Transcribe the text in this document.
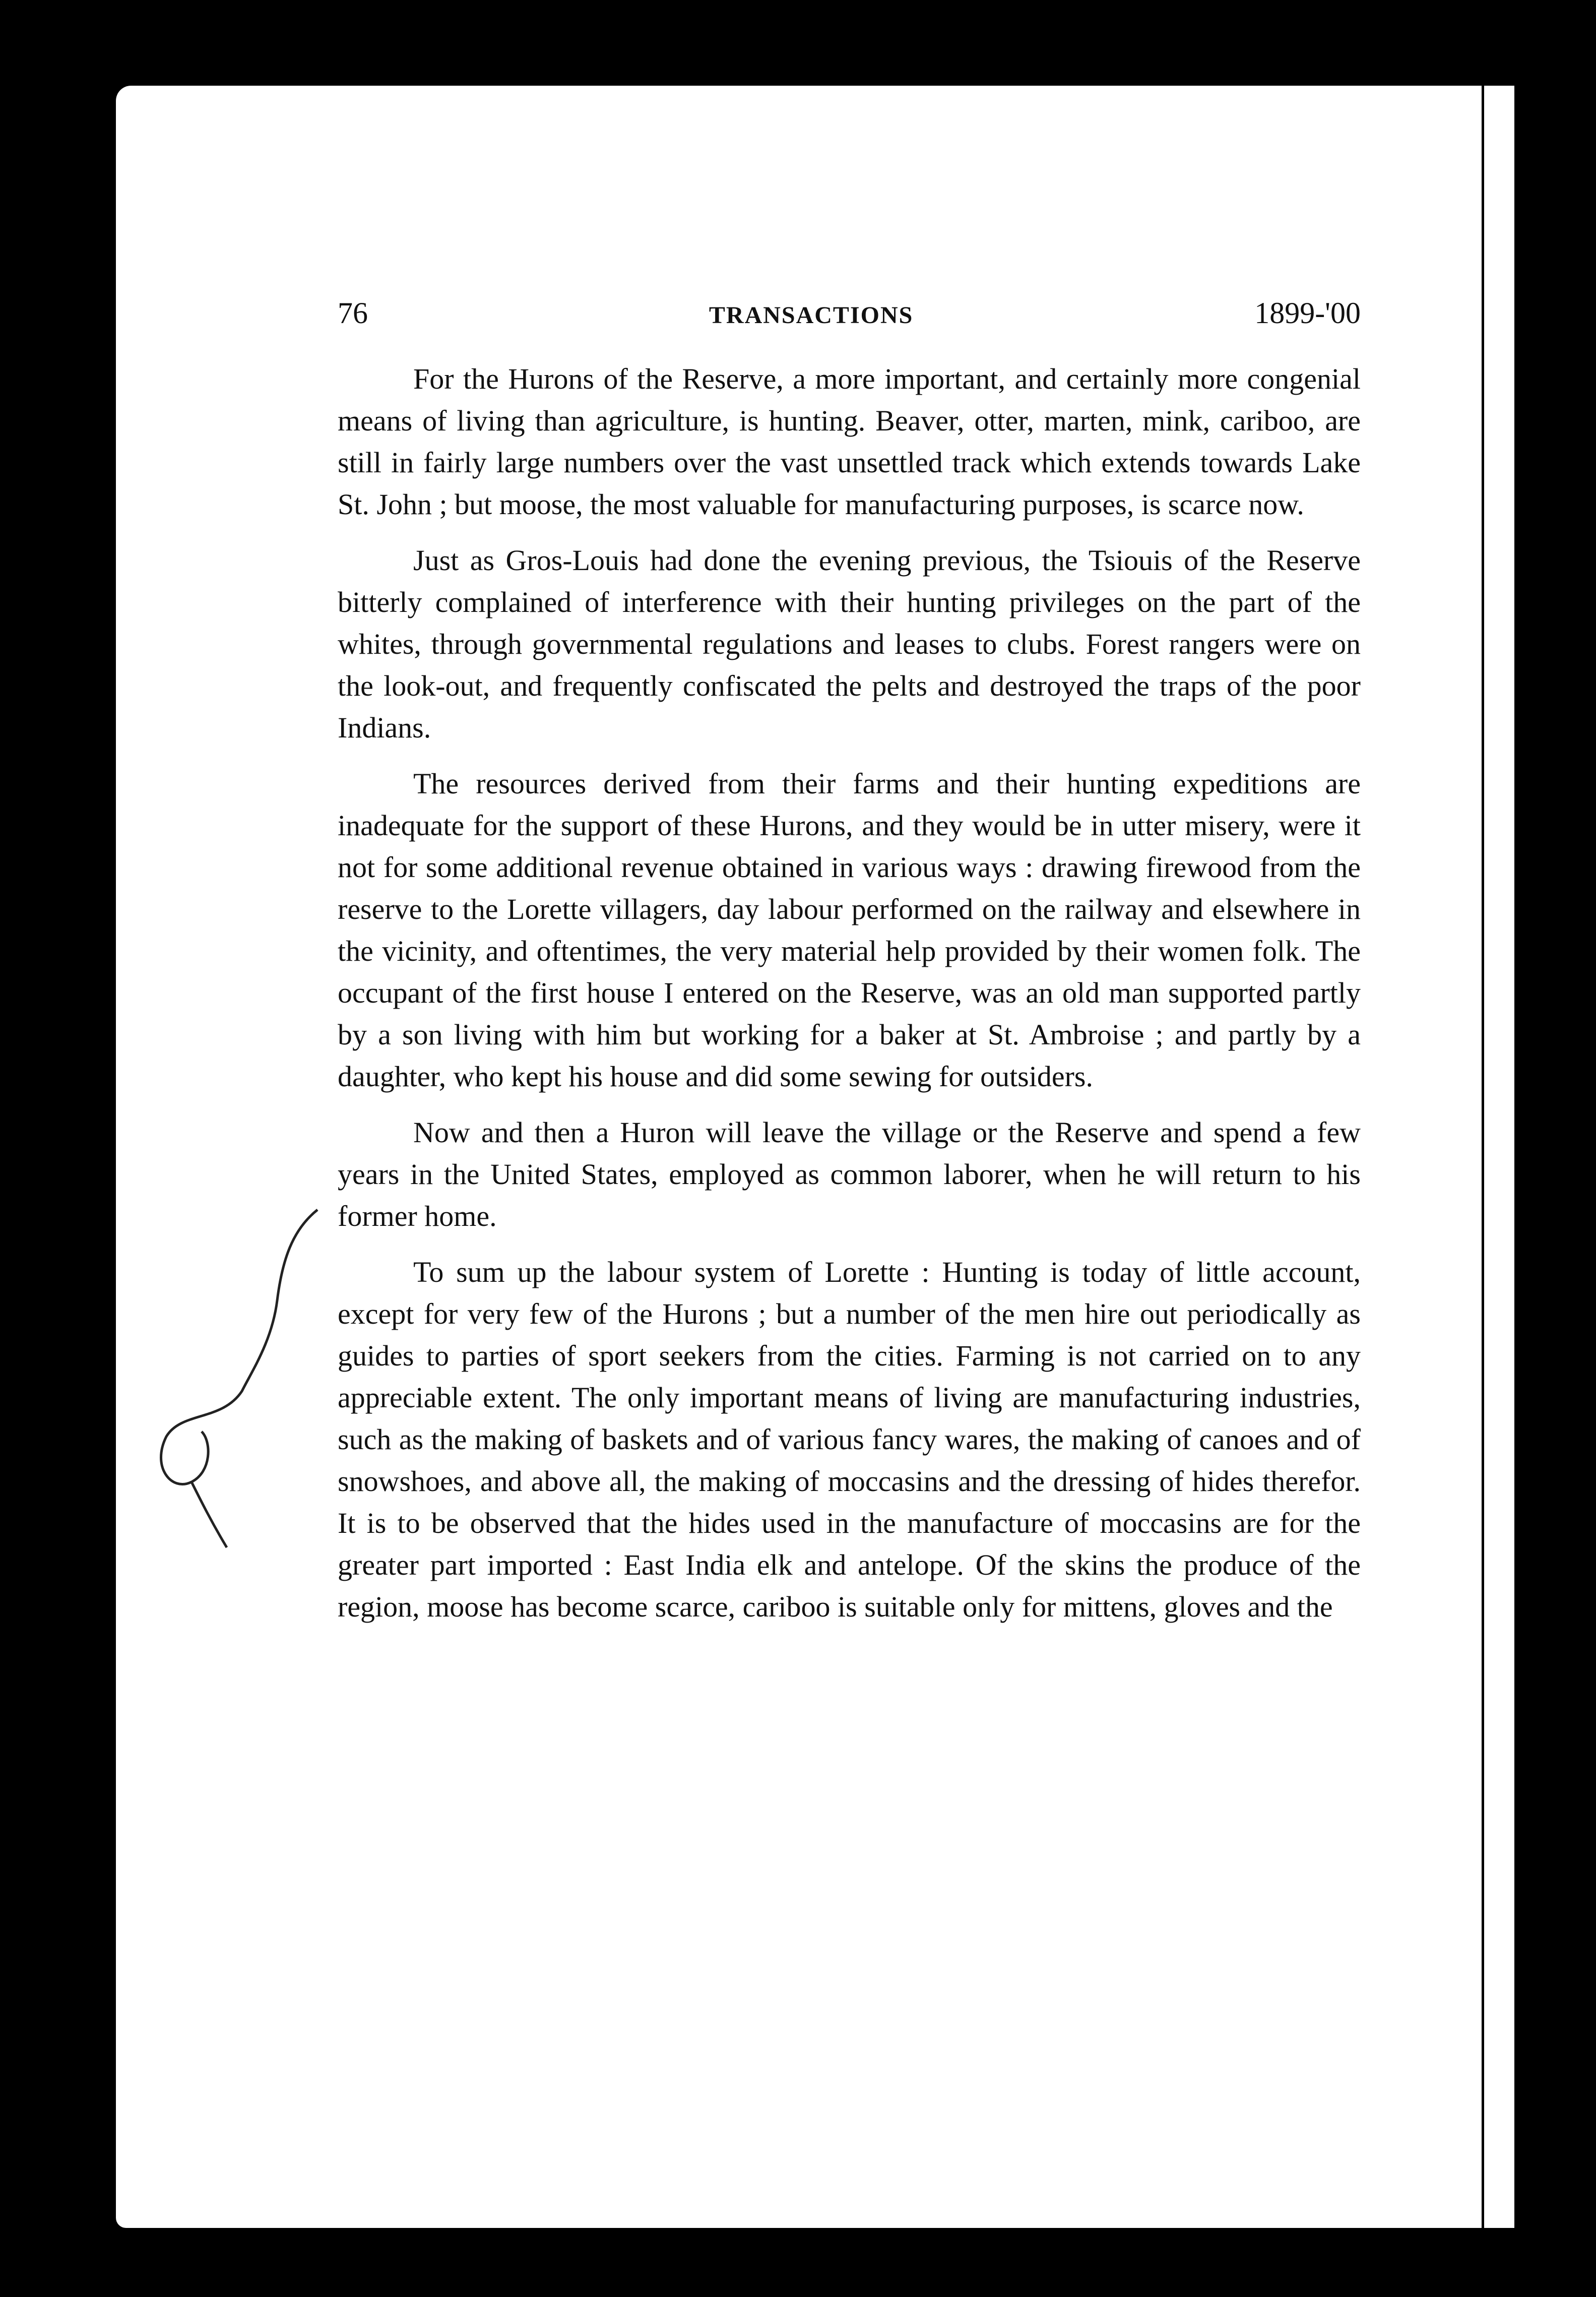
76	TRANSACTIONS	1899-'00

For the Hurons of the Reserve, a more important, and certainly more congenial means of living than agriculture, is hunting. Beaver, otter, marten, mink, cariboo, are still in fairly large numbers over the vast unsettled track which extends towards Lake St. John ; but moose, the most valuable for manufacturing purposes, is scarce now.

Just as Gros-Louis had done the evening previous, the Tsiouis of the Reserve bitterly complained of interference with their hunting privileges on the part of the whites, through governmental regulations and leases to clubs. Forest rangers were on the look-out, and frequently confiscated the pelts and destroyed the traps of the poor Indians.

The resources derived from their farms and their hunting expeditions are inadequate for the support of these Hurons, and they would be in utter misery, were it not for some additional revenue obtained in various ways : drawing firewood from the reserve to the Lorette villagers, day labour performed on the railway and elsewhere in the vicinity, and oftentimes, the very material help provided by their women folk. The occupant of the first house I entered on the Reserve, was an old man supported partly by a son living with him but working for a baker at St. Ambroise ; and partly by a daughter, who kept his house and did some sewing for outsiders.

Now and then a Huron will leave the village or the Reserve and spend a few years in the United States, employed as common laborer, when he will return to his former home.

To sum up the labour system of Lorette : Hunting is today of little account, except for very few of the Hurons ; but a number of the men hire out periodically as guides to parties of sport seekers from the cities. Farming is not carried on to any appreciable extent. The only important means of living are manufacturing industries, such as the making of baskets and of various fancy wares, the making of canoes and of snowshoes, and above all, the making of moccasins and the dressing of hides therefor. It is to be observed that the hides used in the manufacture of moccasins are for the greater part imported : East India elk and antelope. Of the skins the produce of the region, moose has become scarce, cariboo is suitable only for mittens, gloves and the
